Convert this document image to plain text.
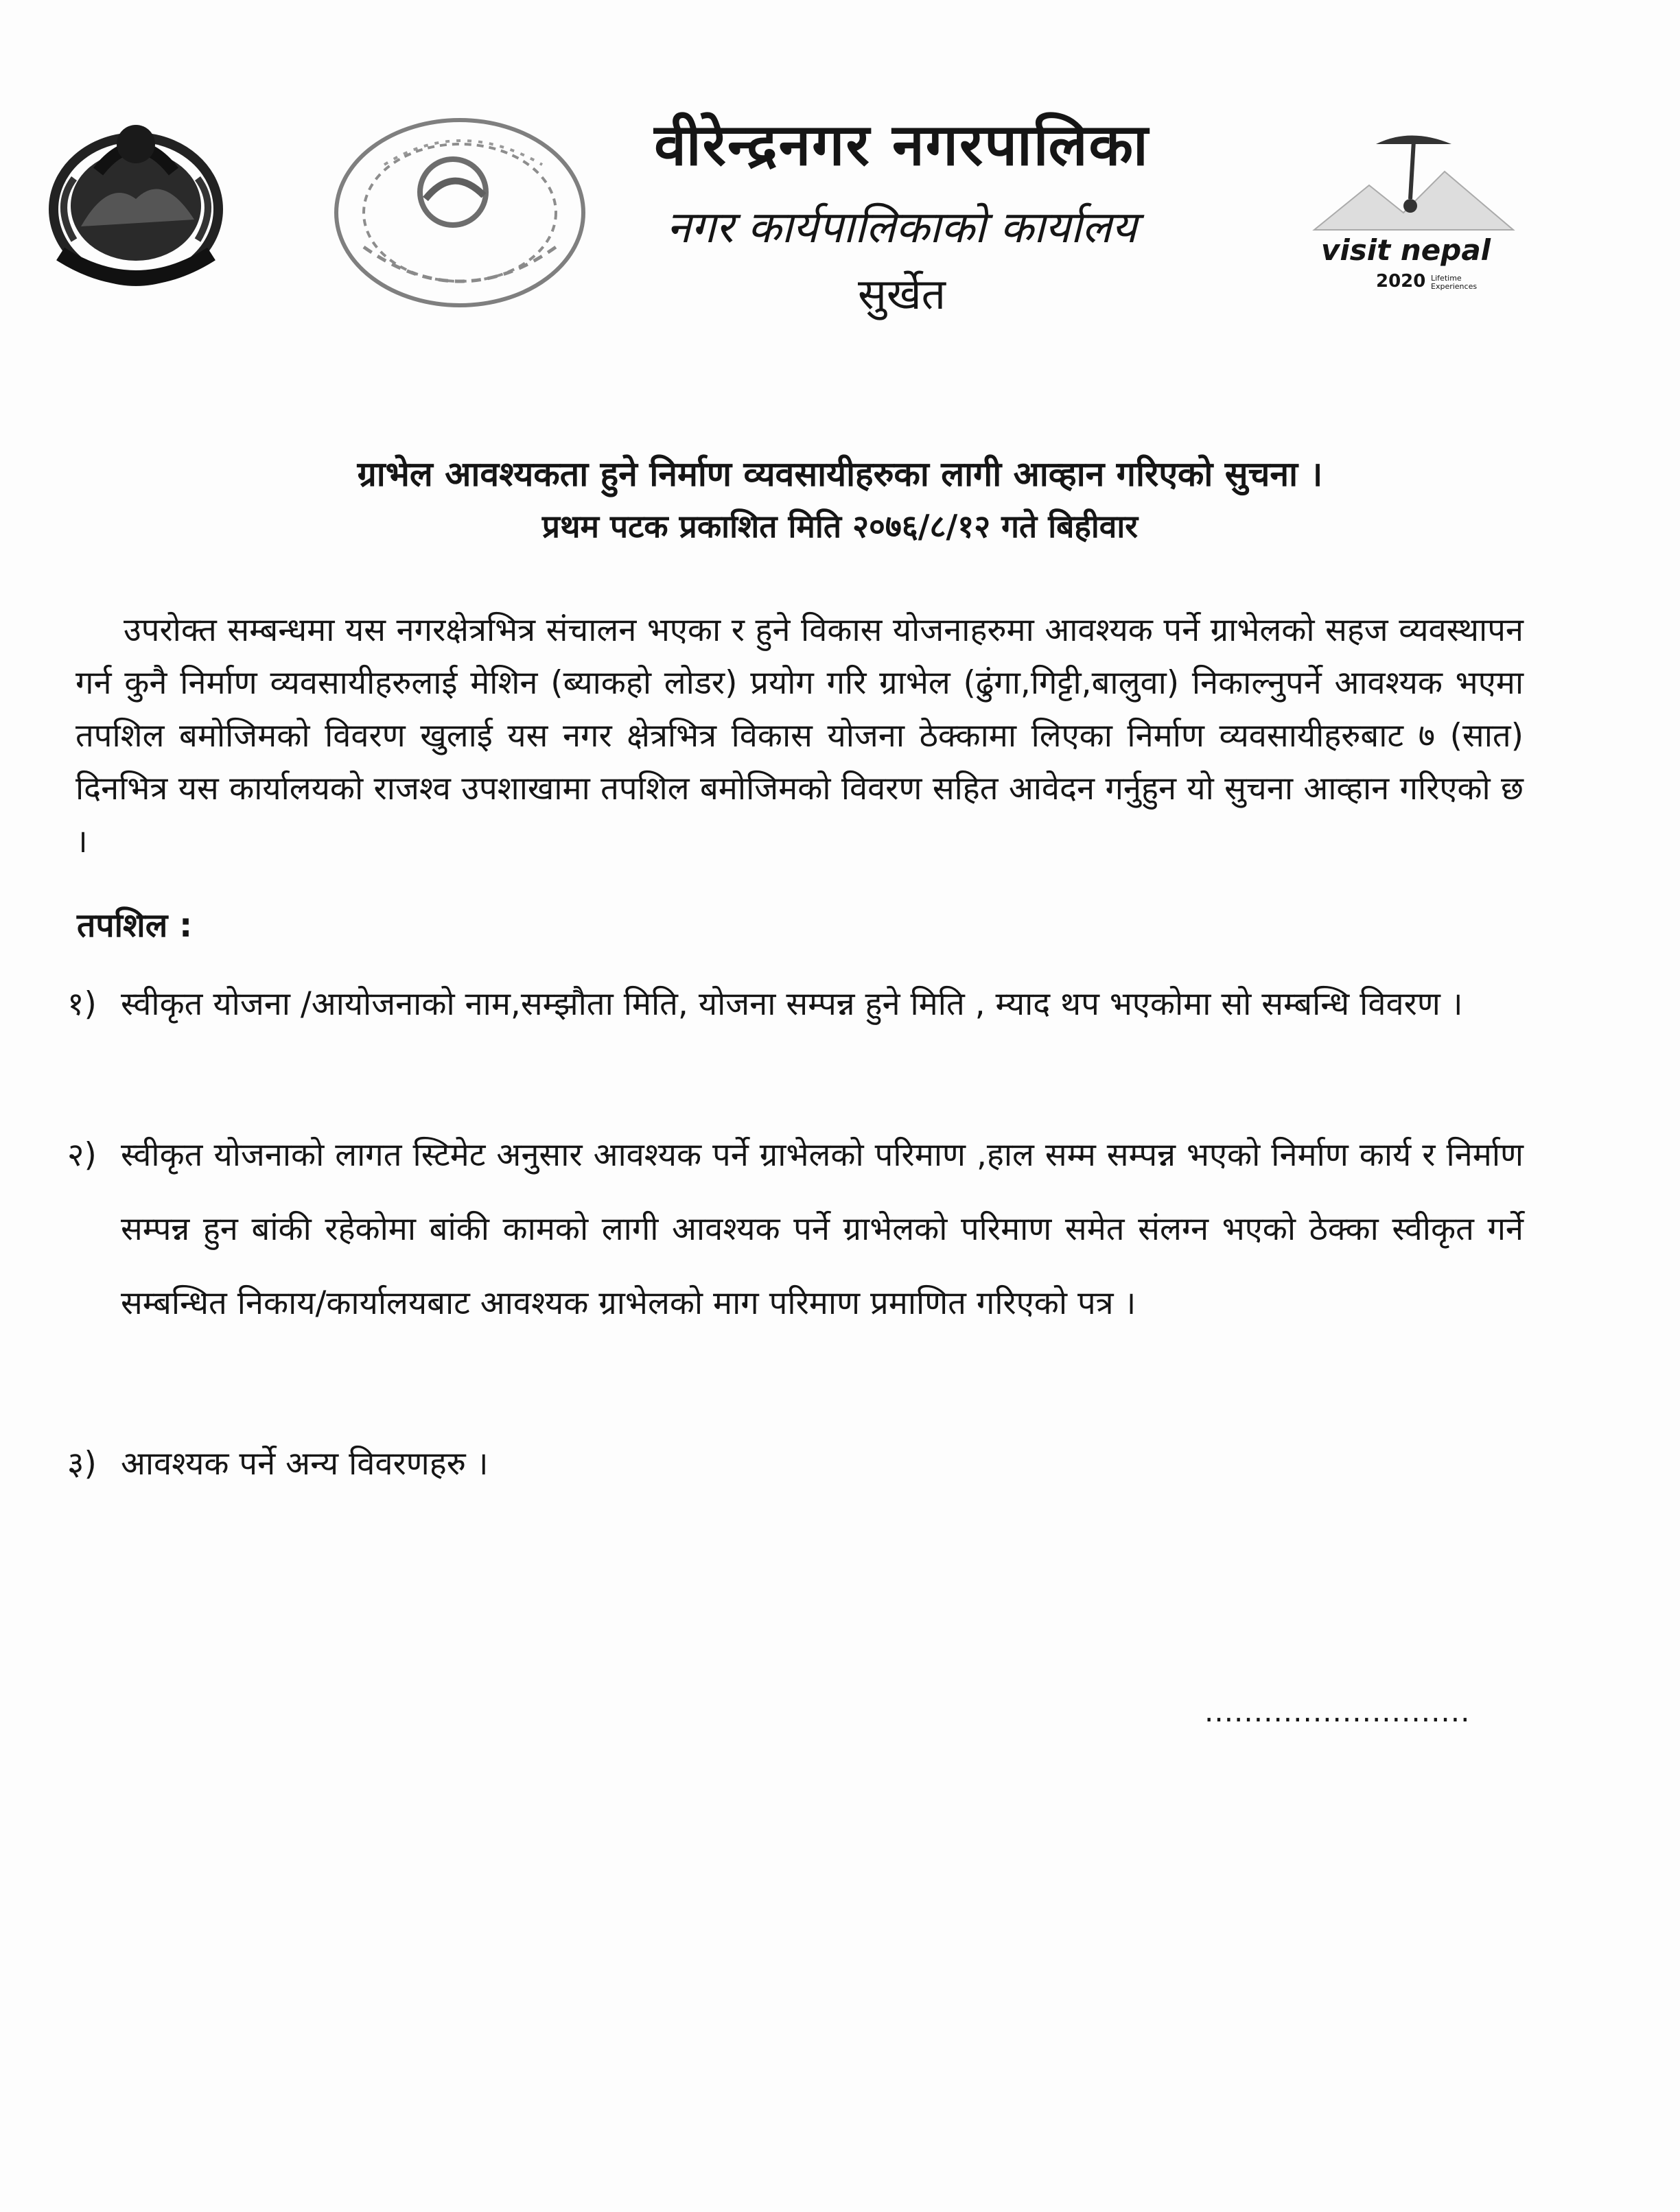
visit nepal
2020 Lifetime Experiences
वीरेन्द्रनगर नगरपालिका
नगर कार्यपालिकाको कार्यालय
सुर्खेत
ग्राभेल आवश्यकता हुने निर्माण व्यवसायीहरुका लागी आव्हान गरिएको सुचना ।
प्रथम पटक प्रकाशित मिति २०७६/८/१२ गते बिहीवार
उपरोक्त सम्बन्धमा यस नगरक्षेत्रभित्र संचालन भएका र हुने विकास योजनाहरुमा आवश्यक पर्ने ग्राभेलको सहज व्यवस्थापन गर्न कुनै निर्माण व्यवसायीहरुलाई मेशिन (ब्याकहो लोडर) प्रयोग गरि ग्राभेल (ढुंगा,गिट्टी,बालुवा) निकाल्नुपर्ने आवश्यक भएमा तपशिल बमोजिमको विवरण खुलाई यस नगर क्षेत्रभित्र विकास योजना ठेक्कामा लिएका निर्माण व्यवसायीहरुबाट ७ (सात) दिनभित्र यस कार्यालयको राजश्व उपशाखामा तपशिल बमोजिमको विवरण सहित आवेदन गर्नुहुन यो सुचना आव्हान गरिएको छ ।
तपशिल :
१) स्वीकृत योजना /आयोजनाको नाम,सम्झौता मिति, योजना सम्पन्न हुने मिति , म्याद थप भएकोमा सो सम्बन्धि विवरण ।
२) स्वीकृत योजनाको लागत स्टिमेट अनुसार आवश्यक पर्ने ग्राभेलको परिमाण ,हाल सम्म सम्पन्न भएको निर्माण कार्य र निर्माण सम्पन्न हुन बांकी रहेकोमा बांकी कामको लागी आवश्यक पर्ने ग्राभेलको परिमाण समेत संलग्न भएको ठेक्का स्वीकृत गर्ने सम्बन्धित निकाय/कार्यालयबाट आवश्यक ग्राभेलको माग परिमाण प्रमाणित गरिएको पत्र ।
३) आवश्यक पर्ने अन्य विवरणहरु ।
...........................
